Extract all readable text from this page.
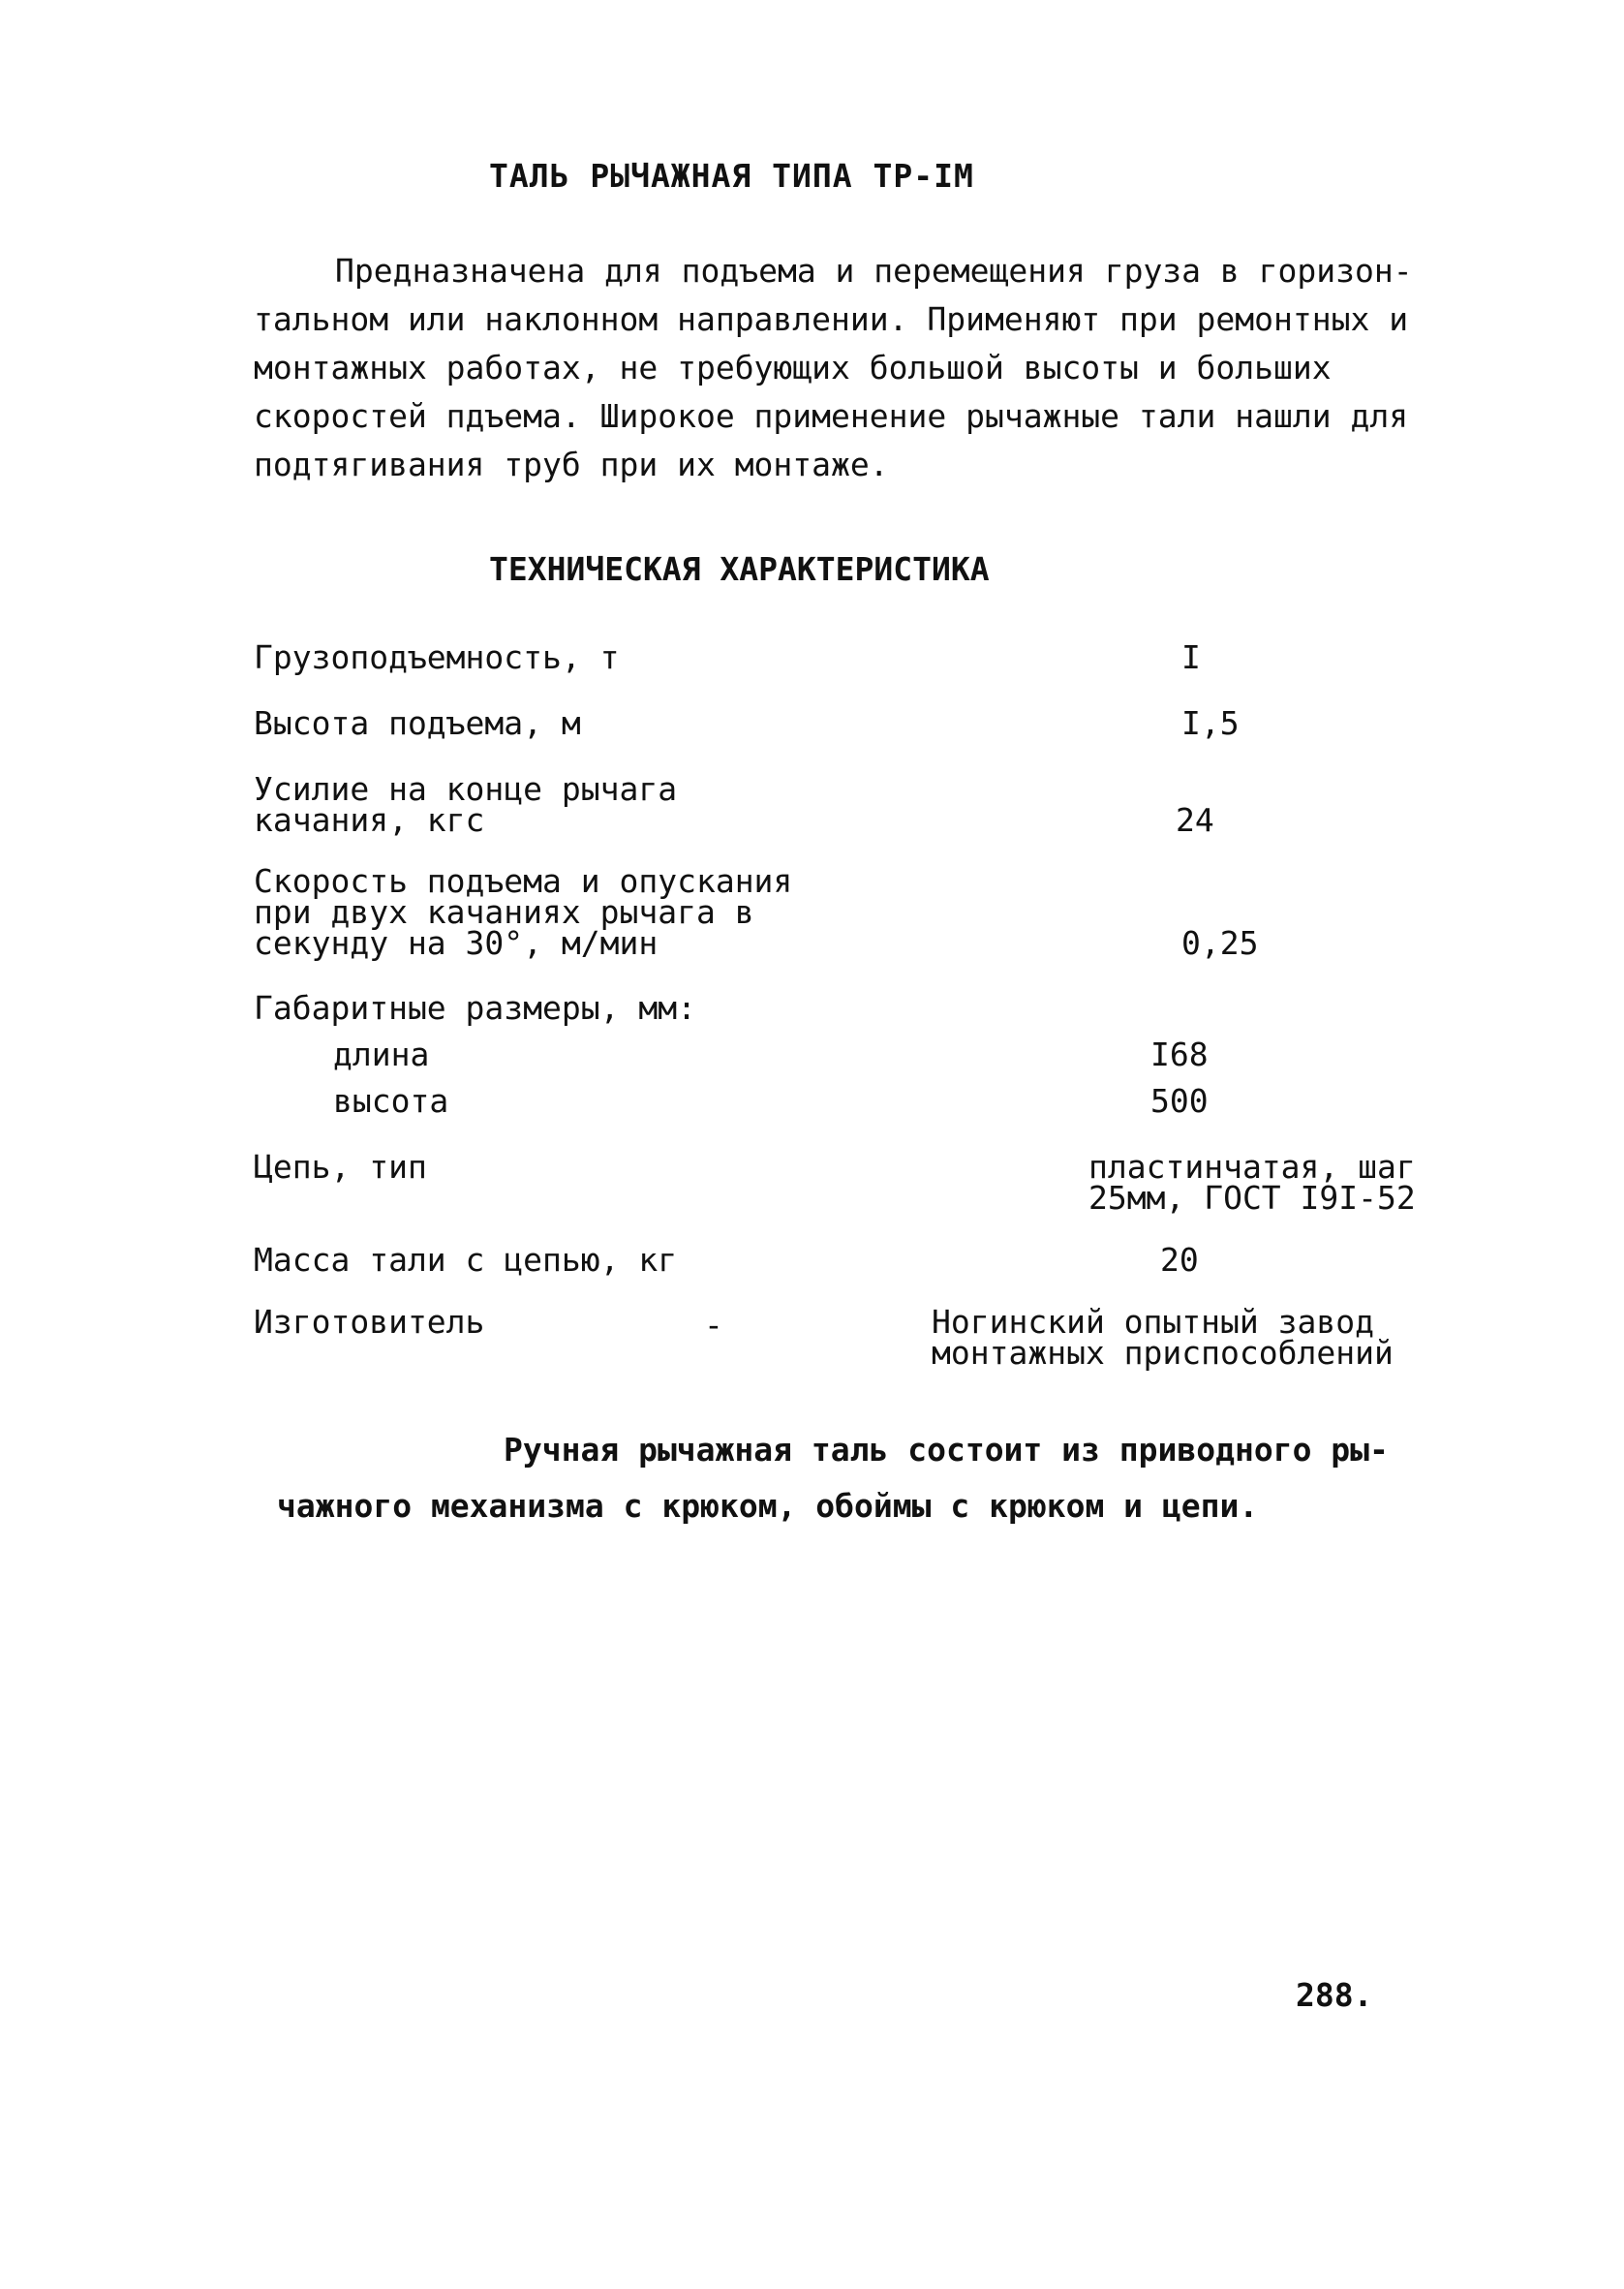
ТАЛЬ РЫЧАЖНАЯ ТИПА ТР-IМ
Предназначена для подъема и перемещения груза в горизон-
тальном или наклонном направлении. Применяют при ремонтных и
монтажных работах, не требующих большой высоты и больших
скоростей пдъема. Широкое применение рычажные тали нашли для
подтягивания труб при их монтаже.
ТЕХНИЧЕСКАЯ ХАРАКТЕРИСТИКА
Грузоподъемность, т	I
Высота подъема, м	I,5
Усилие на конце рычага
качания, кгс	24
Скорость подъема и опускания
при двух качаниях рычага в
секунду на 30°, м/мин	0,25
Габаритные размеры, мм:
длина	I68
высота	500
Цепь, тип	пластинчатая, шаг
25мм, ГОСТ I9I-52
Масса тали с цепью, кг	20
Изготовитель	-	Ногинский опытный завод
монтажных приспособлений
Ручная рычажная таль состоит из приводного ры-
чажного механизма с крюком, обоймы с крюком и цепи.
288.
